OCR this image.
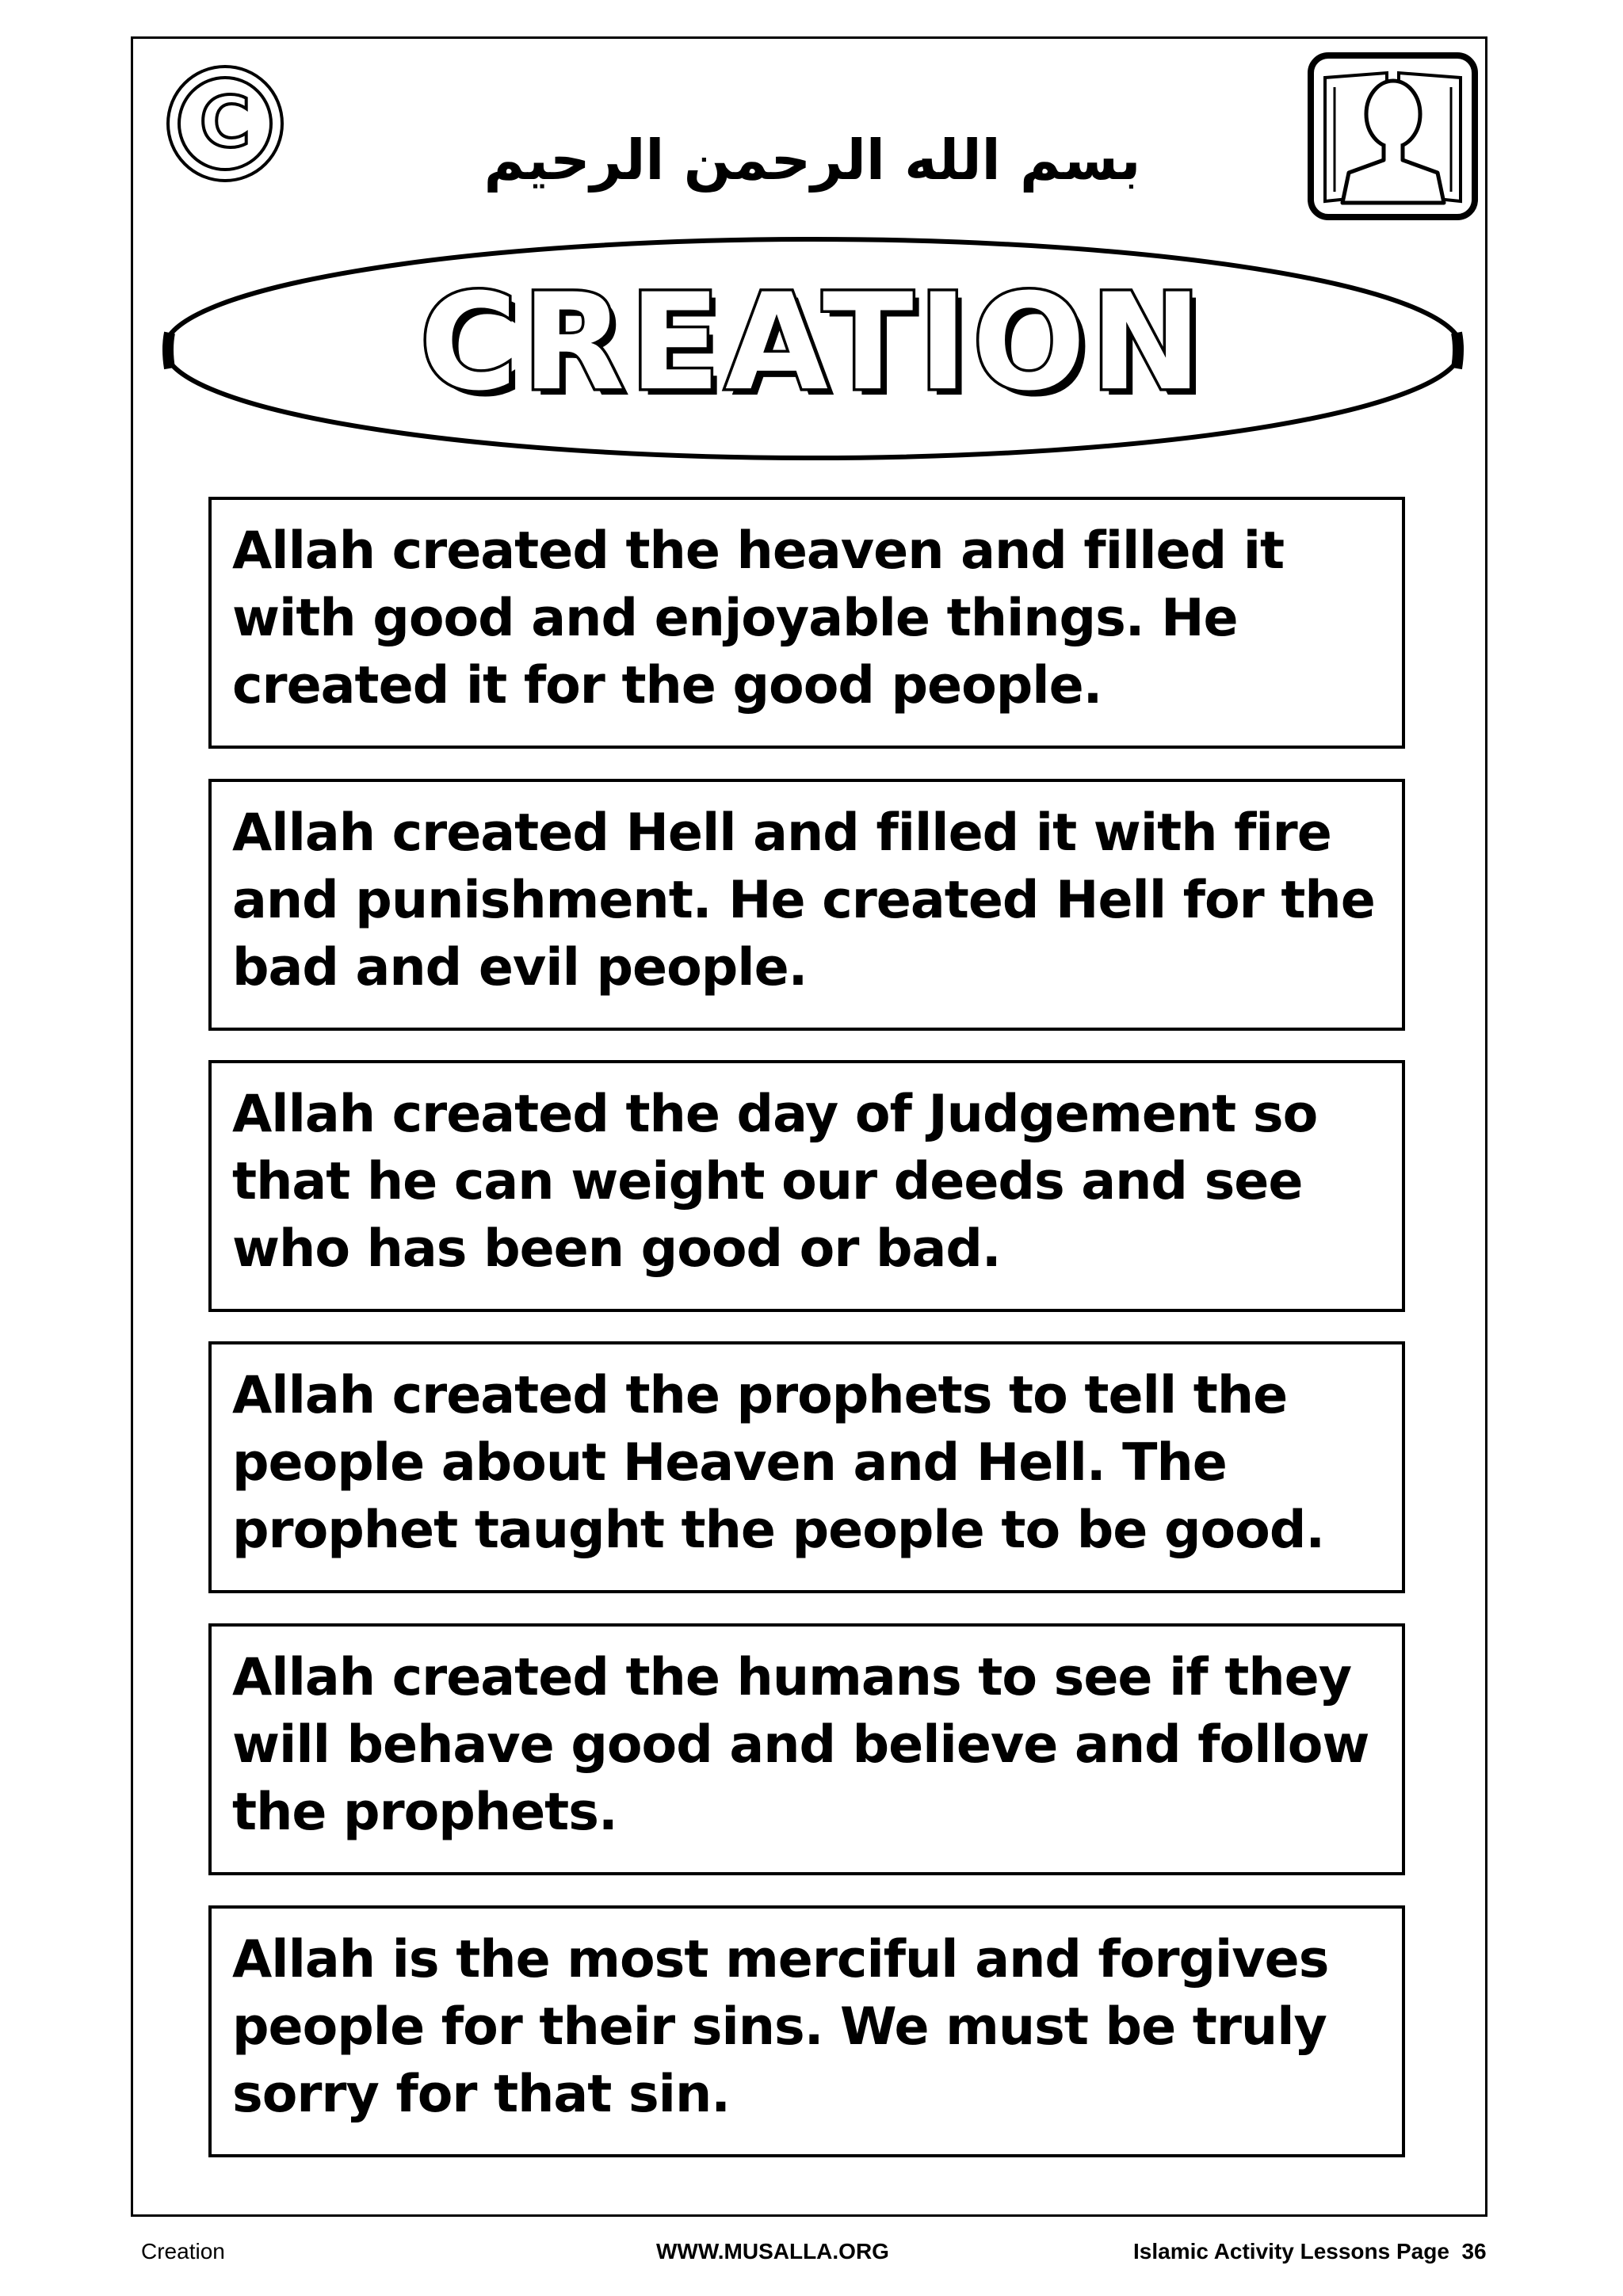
C	بسم الله الرحمن الرحيم
CREATION
Allah created the heaven and filled it with good and enjoyable things. He created it for the good people.
Allah created Hell and filled it with fire and punishment. He created Hell for the bad and evil people.
Allah created the day of Judgement so that he can weight our deeds and see who has been good or bad.
Allah created the prophets to tell the people about Heaven and Hell. The prophet taught the people to be good.
Allah created the humans to see if they will behave good and believe and follow the prophets.
Allah is the most merciful and forgives people for their sins. We must be truly sorry for that sin.
Creation	WWW.MUSALLA.ORG	Islamic Activity Lessons Page  36
